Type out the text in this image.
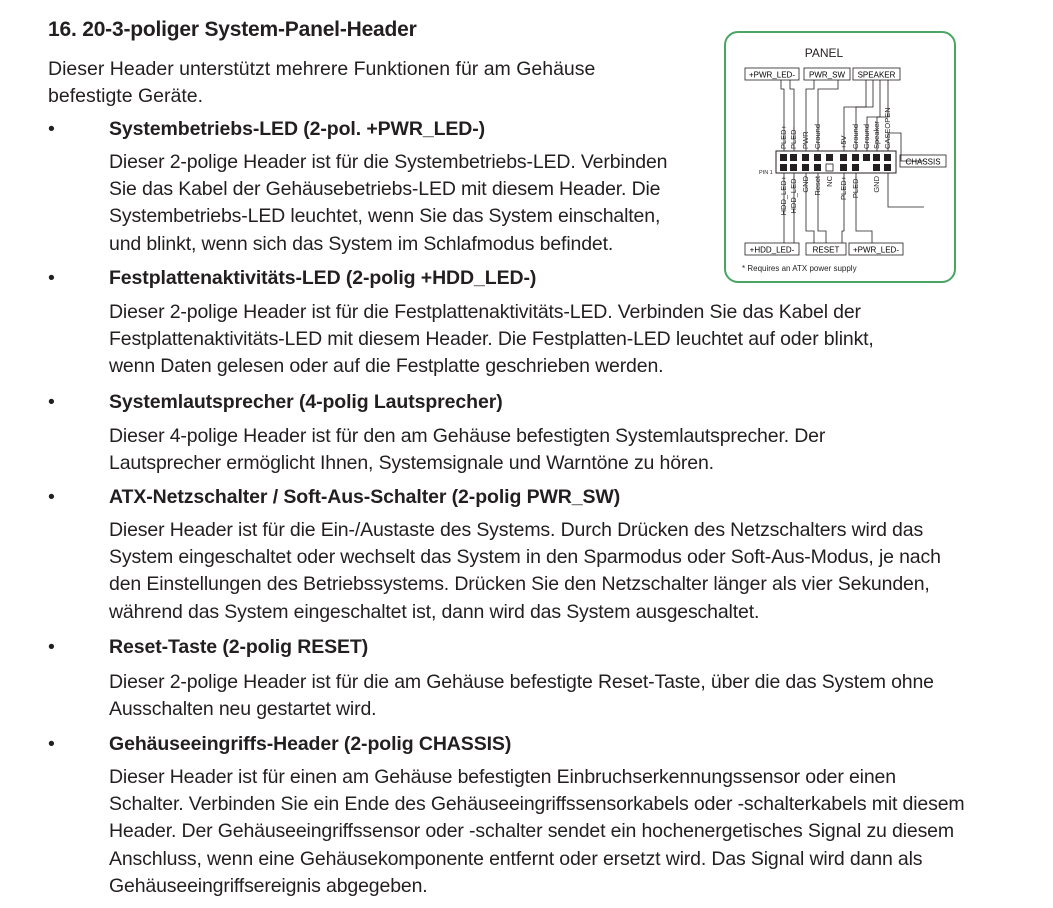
16. 20-3-poliger System-Panel-Header

Dieser Header unterstützt mehrere Funktionen für am Gehäuse befestigte Geräte.

•	Systembetriebs-LED (2-pol. +PWR_LED-)

Dieser 2-polige Header ist für die Systembetriebs-LED. Verbinden Sie das Kabel der Gehäusebetriebs-LED mit diesem Header. Die Systembetriebs-LED leuchtet, wenn Sie das System einschalten, und blinkt, wenn sich das System im Schlafmodus befindet.

•	Festplattenaktivitäts-LED (2-polig +HDD_LED-)

Dieser 2-polige Header ist für die Festplattenaktivitäts-LED. Verbinden Sie das Kabel der Festplattenaktivitäts-LED mit diesem Header. Die Festplatten-LED leuchtet auf oder blinkt, wenn Daten gelesen oder auf die Festplatte geschrieben werden.

•	Systemlautsprecher (4-polig Lautsprecher)

Dieser 4-polige Header ist für den am Gehäuse befestigten Systemlautsprecher. Der Lautsprecher ermöglicht Ihnen, Systemsignale und Warntöne zu hören.

•	ATX-Netzschalter / Soft-Aus-Schalter (2-polig PWR_SW)

Dieser Header ist für die Ein-/Austaste des Systems. Durch Drücken des Netzschalters wird das System eingeschaltet oder wechselt das System in den Sparmodus oder Soft-Aus-Modus, je nach den Einstellungen des Betriebssystems. Drücken Sie den Netzschalter länger als vier Sekunden, während das System eingeschaltet ist, dann wird das System ausgeschaltet.

•	Reset-Taste (2-polig RESET)

Dieser 2-polige Header ist für die am Gehäuse befestigte Reset-Taste, über die das System ohne Ausschalten neu gestartet wird.

•	Gehäuseeingriffs-Header (2-polig CHASSIS)

Dieser Header ist für einen am Gehäuse befestigten Einbruchserkennungssensor oder einen Schalter. Verbinden Sie ein Ende des Gehäuseeingriffssensorkabels oder -schalterkabels mit diesem Header. Der Gehäuseeingriffssensor oder -schalter sendet ein hochenergetisches Signal zu diesem Anschluss, wenn eine Gehäusekomponente entfernt oder ersetzt wird. Das Signal wird dann als Gehäuseeingriffsereignis abgegeben.

PANEL
+PWR_LED- PWR_SW SPEAKER
PLED+ PLED- PWR Ground +5V Ground Ground Speaker CASEOPEN
PIN 1
CHASSIS
HDD_LED+ HDD_LED- GND Reset NC PLED+ PLED- GND
+HDD_LED- RESET +PWR_LED-
* Requires an ATX power supply
